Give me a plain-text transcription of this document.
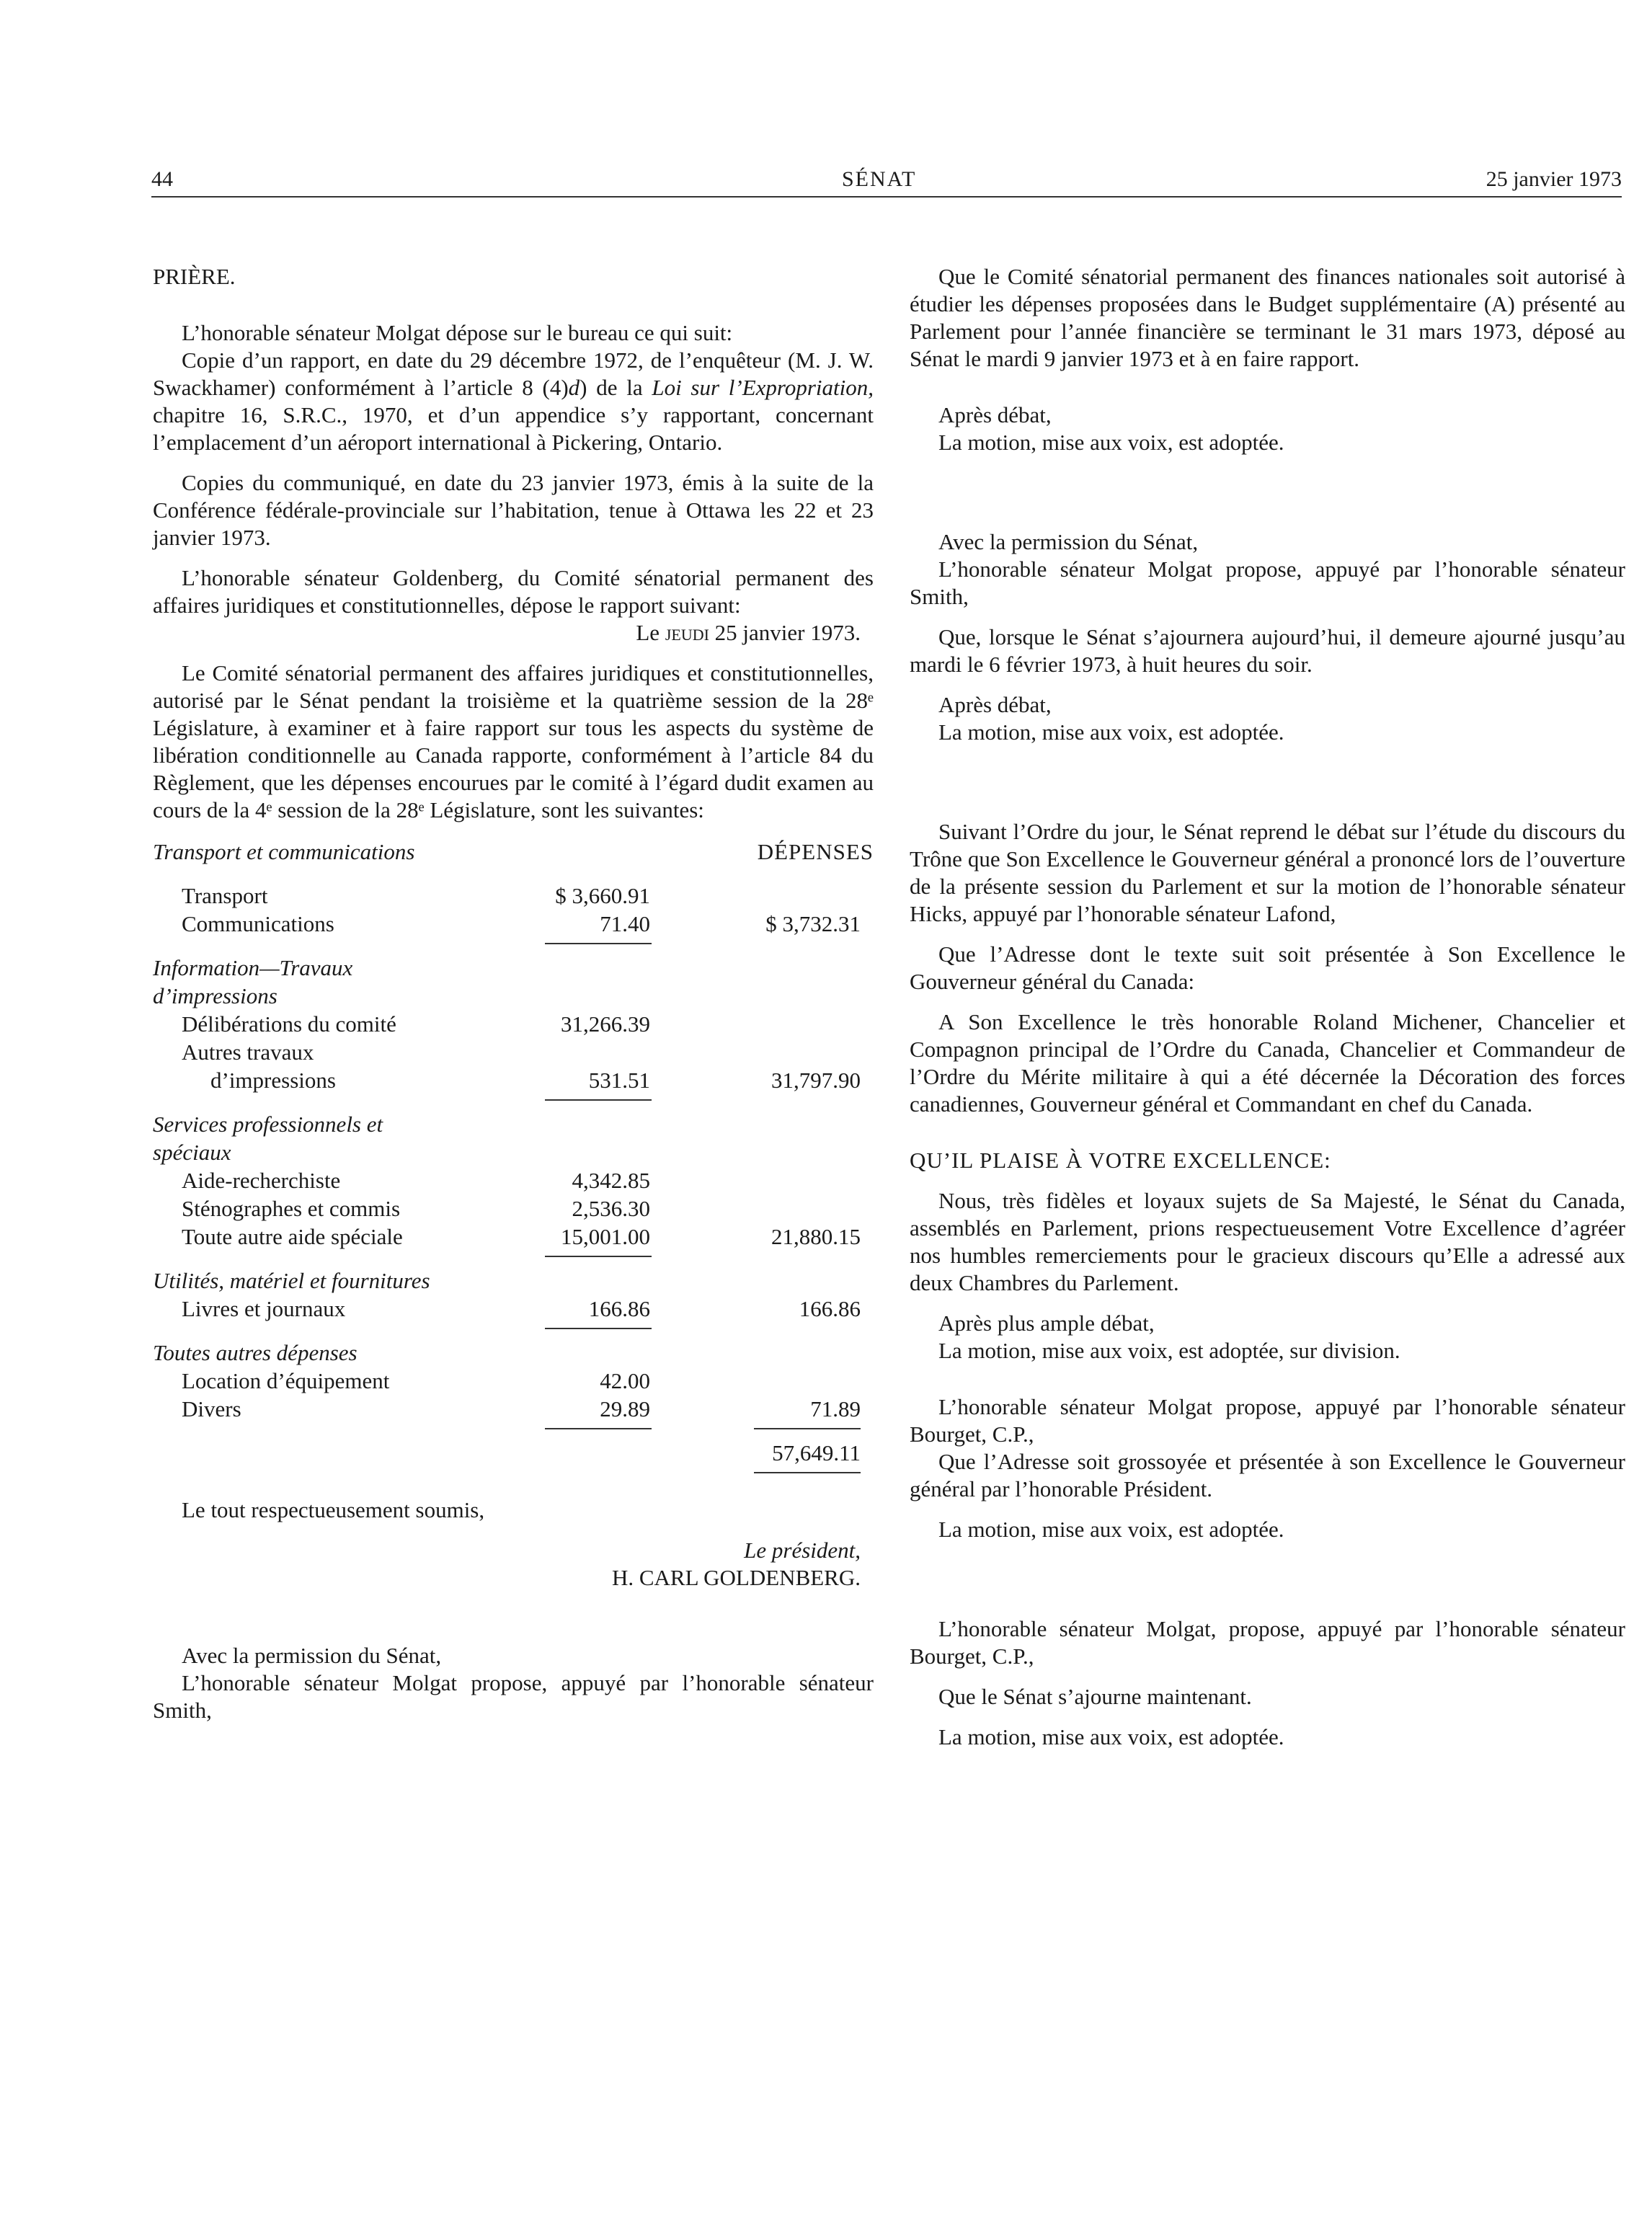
44	SÉNAT	25 janvier 1973

PRIÈRE.

L’honorable sénateur Molgat dépose sur le bureau ce qui suit:

Copie d’un rapport, en date du 29 décembre 1972, de l’enquêteur (M. J. W. Swackhamer) conformément à l’article 8 (4)d) de la Loi sur l’Expropriation, chapitre 16, S.R.C., 1970, et d’un appendice s’y rapportant, concernant l’emplacement d’un aéroport international à Pickering, Ontario.

Copies du communiqué, en date du 23 janvier 1973, émis à la suite de la Conférence fédérale-provinciale sur l’habitation, tenue à Ottawa les 22 et 23 janvier 1973.

L’honorable sénateur Goldenberg, du Comité sénatorial permanent des affaires juridiques et constitutionnelles, dépose le rapport suivant:

Le jeudi 25 janvier 1973.

Le Comité sénatorial permanent des affaires juridiques et constitutionnelles, autorisé par le Sénat pendant la troisième et la quatrième session de la 28ᵉ Législature, à examiner et à faire rapport sur tous les aspects du système de libération conditionnelle au Canada rapporte, conformément à l’article 84 du Règlement, que les dépenses encourues par le comité à l’égard dudit examen au cours de la 4ᵉ session de la 28ᵉ Législature, sont les suivantes:

Transport et communications	DÉPENSES
Transport	$ 3,660.91
Communications	71.40	$ 3,732.31
Information—Travaux
d’impressions
Délibérations du comité	31,266.39
Autres travaux
d’impressions	531.51	31,797.90
Services professionnels et
spéciaux
Aide-recherchiste	4,342.85
Sténographes et commis	2,536.30
Toute autre aide spéciale	15,001.00	21,880.15
Utilités, matériel et fournitures
Livres et journaux	166.86	166.86
Toutes autres dépenses
Location d’équipement	42.00
Divers	29.89	71.89
57,649.11

Le tout respectueusement soumis,

Le président,

H. CARL GOLDENBERG.

Avec la permission du Sénat,

L’honorable sénateur Molgat propose, appuyé par l’honorable sénateur Smith,

Que le Comité sénatorial permanent des finances nationales soit autorisé à étudier les dépenses proposées dans le Budget supplémentaire (A) présenté au Parlement pour l’année financière se terminant le 31 mars 1973, déposé au Sénat le mardi 9 janvier 1973 et à en faire rapport.

Après débat,

La motion, mise aux voix, est adoptée.

Avec la permission du Sénat,

L’honorable sénateur Molgat propose, appuyé par l’honorable sénateur Smith,

Que, lorsque le Sénat s’ajournera aujourd’hui, il demeure ajourné jusqu’au mardi le 6 février 1973, à huit heures du soir.

Après débat,

La motion, mise aux voix, est adoptée.

Suivant l’Ordre du jour, le Sénat reprend le débat sur l’étude du discours du Trône que Son Excellence le Gouverneur général a prononcé lors de l’ouverture de la présente session du Parlement et sur la motion de l’honorable sénateur Hicks, appuyé par l’honorable sénateur Lafond,

Que l’Adresse dont le texte suit soit présentée à Son Excellence le Gouverneur général du Canada:

A Son Excellence le très honorable Roland Michener, Chancelier et Compagnon principal de l’Ordre du Canada, Chancelier et Commandeur de l’Ordre du Mérite militaire à qui a été décernée la Décoration des forces canadiennes, Gouverneur général et Commandant en chef du Canada.

QU’IL PLAISE À VOTRE EXCELLENCE:

Nous, très fidèles et loyaux sujets de Sa Majesté, le Sénat du Canada, assemblés en Parlement, prions respectueusement Votre Excellence d’agréer nos humbles remerciements pour le gracieux discours qu’Elle a adressé aux deux Chambres du Parlement.

Après plus ample débat,

La motion, mise aux voix, est adoptée, sur division.

L’honorable sénateur Molgat propose, appuyé par l’honorable sénateur Bourget, C.P.,

Que l’Adresse soit grossoyée et présentée à son Excellence le Gouverneur général par l’honorable Président.

La motion, mise aux voix, est adoptée.

L’honorable sénateur Molgat, propose, appuyé par l’honorable sénateur Bourget, C.P.,

Que le Sénat s’ajourne maintenant.

La motion, mise aux voix, est adoptée.
